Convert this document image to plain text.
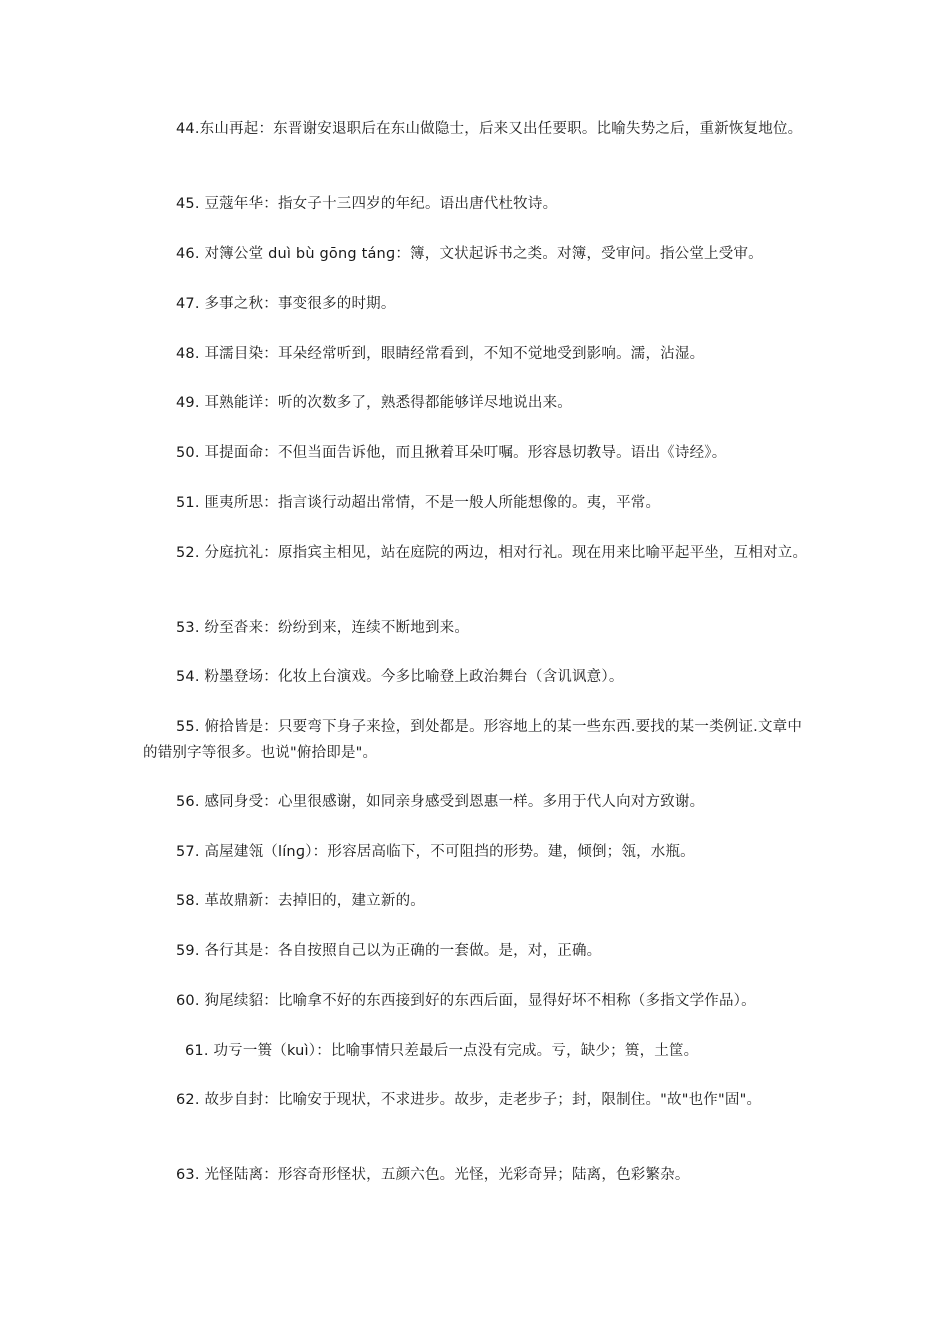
44.东山再起：东晋谢安退职后在东山做隐士，后来又出任要职。比喻失势之后，重新恢复地位。

45. 豆蔻年华：指女子十三四岁的年纪。语出唐代杜牧诗。

46. 对簿公堂 duì bù gōng tánɡ：簿，文状起诉书之类。对簿，受审问。指公堂上受审。

47. 多事之秋：事变很多的时期。

48. 耳濡目染：耳朵经常听到，眼睛经常看到，不知不觉地受到影响。濡，沾湿。

49. 耳熟能详：听的次数多了，熟悉得都能够详尽地说出来。

50. 耳提面命：不但当面告诉他，而且揪着耳朵叮嘱。形容恳切教导。语出《诗经》。

51. 匪夷所思：指言谈行动超出常情，不是一般人所能想像的。夷，平常。

52. 分庭抗礼：原指宾主相见，站在庭院的两边，相对行礼。现在用来比喻平起平坐，互相对立。

53. 纷至沓来：纷纷到来，连续不断地到来。

54. 粉墨登场：化妆上台演戏。今多比喻登上政治舞台（含讥讽意）。

55. 俯拾皆是：只要弯下身子来捡，到处都是。形容地上的某一些东西.要找的某一类例证.文章中的错别字等很多。也说"俯拾即是"。

56. 感同身受：心里很感谢，如同亲身感受到恩惠一样。多用于代人向对方致谢。

57. 高屋建瓴（línɡ）：形容居高临下，不可阻挡的形势。建，倾倒；瓴，水瓶。

58. 革故鼎新：去掉旧的，建立新的。

59. 各行其是：各自按照自己以为正确的一套做。是，对，正确。

60. 狗尾续貂：比喻拿不好的东西接到好的东西后面，显得好坏不相称（多指文学作品）。

61. 功亏一篑（kuì）：比喻事情只差最后一点没有完成。亏，缺少；篑，土筐。

62. 故步自封：比喻安于现状，不求进步。故步，走老步子；封，限制住。"故"也作"固"。

63. 光怪陆离：形容奇形怪状，五颜六色。光怪，光彩奇异；陆离，色彩繁杂。
